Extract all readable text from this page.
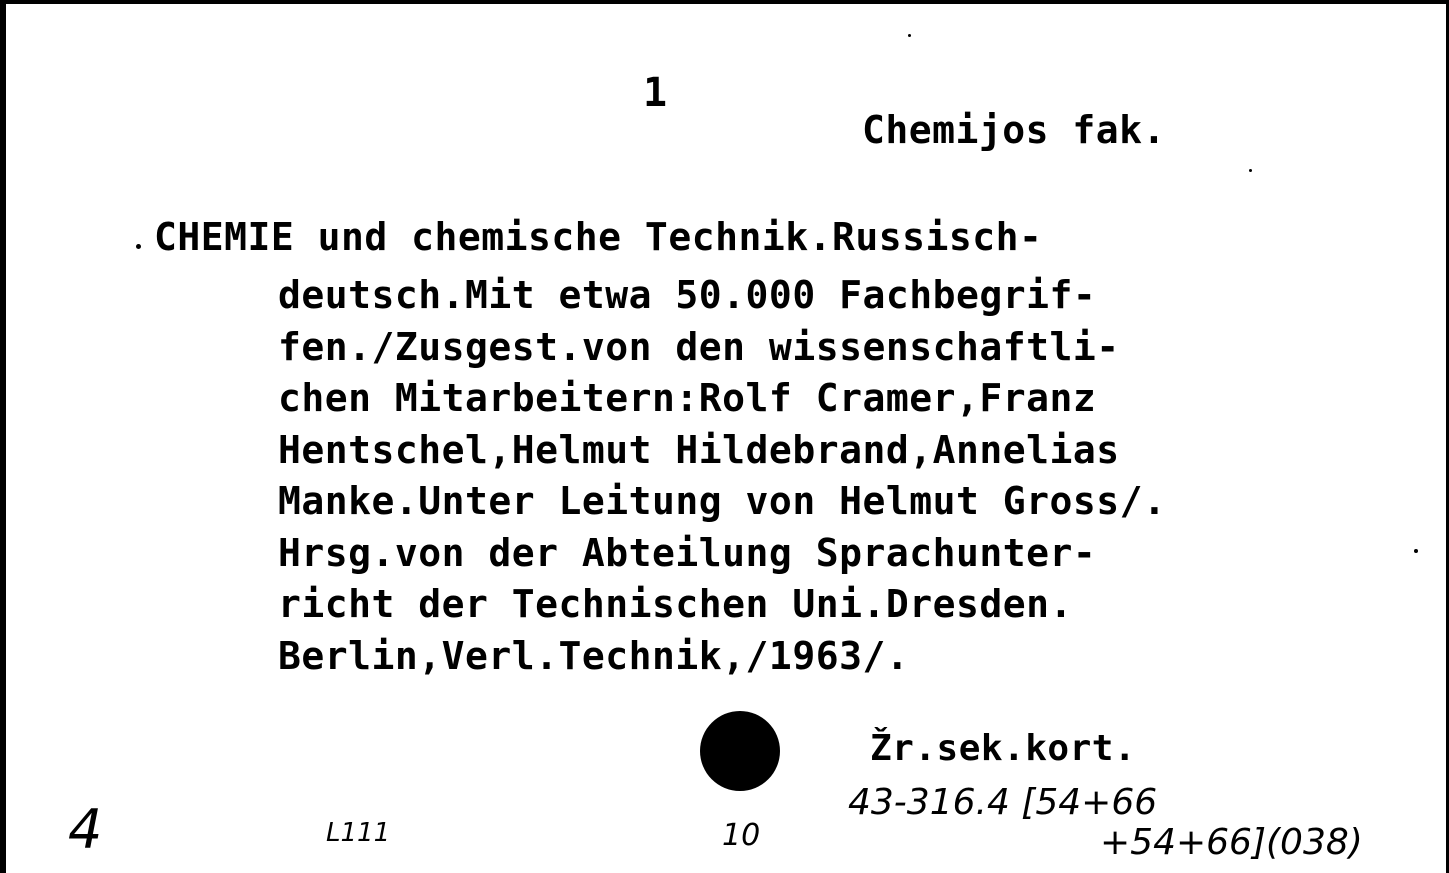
1
Chemijos fak.
CHEMIE und chemische Technik.Russisch-
deutsch.Mit etwa 50.000 Fachbegrif-
fen./Zusgest.von den wissenschaftli-
chen Mitarbeitern:Rolf Cramer,Franz
Hentschel,Helmut Hildebrand,Annelias
Manke.Unter Leitung von Helmut Gross/.
Hrsg.von der Abteilung Sprachunter-
richt der Technischen Uni.Dresden.
Berlin,Verl.Technik,/1963/.
Žr.sek.kort.
4	L111	10
43-316.4 [54+66
+54+66](038)
